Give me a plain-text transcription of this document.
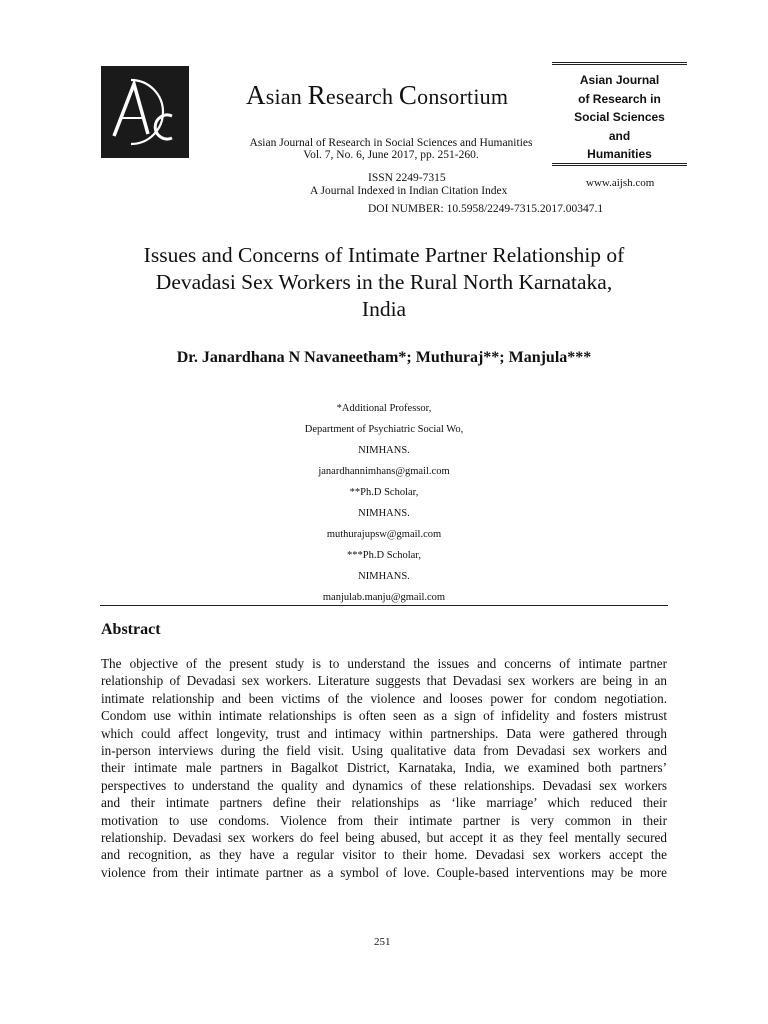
Asian Research Consortium
Asian Journal of Research in Social Sciences and Humanities
Vol. 7, No. 6, June 2017, pp. 251-260.
ISSN 2249-7315
A Journal Indexed in Indian Citation Index
DOI NUMBER: 10.5958/2249-7315.2017.00347.1
Asian Journal
of Research in
Social Sciences
and
Humanities
www.aijsh.com
Issues and Concerns of Intimate Partner Relationship of
Devadasi Sex Workers in the Rural North Karnataka,
India
Dr. Janardhana N Navaneetham*; Muthuraj**; Manjula***
*Additional Professor,
Department of Psychiatric Social Wo,
NIMHANS.
janardhannimhans@gmail.com
**Ph.D Scholar,
NIMHANS.
muthurajupsw@gmail.com
***Ph.D Scholar,
NIMHANS.
manjulab.manju@gmail.com
Abstract
The objective of the present study is to understand the issues and concerns of intimate partner
relationship of Devadasi sex workers. Literature suggests that Devadasi sex workers are being in an
intimate relationship and been victims of the violence and looses power for condom negotiation.
Condom use within intimate relationships is often seen as a sign of infidelity and fosters mistrust
which could affect longevity, trust and intimacy within partnerships. Data were gathered through
in-person interviews during the field visit. Using qualitative data from Devadasi sex workers and
their intimate male partners in Bagalkot District, Karnataka, India, we examined both partners’
perspectives to understand the quality and dynamics of these relationships. Devadasi sex workers
and their intimate partners define their relationships as ‘like marriage’ which reduced their
motivation to use condoms. Violence from their intimate partner is very common in their
relationship. Devadasi sex workers do feel being abused, but accept it as they feel mentally secured
and recognition, as they have a regular visitor to their home. Devadasi sex workers accept the
violence from their intimate partner as a symbol of love. Couple-based interventions may be more
251
